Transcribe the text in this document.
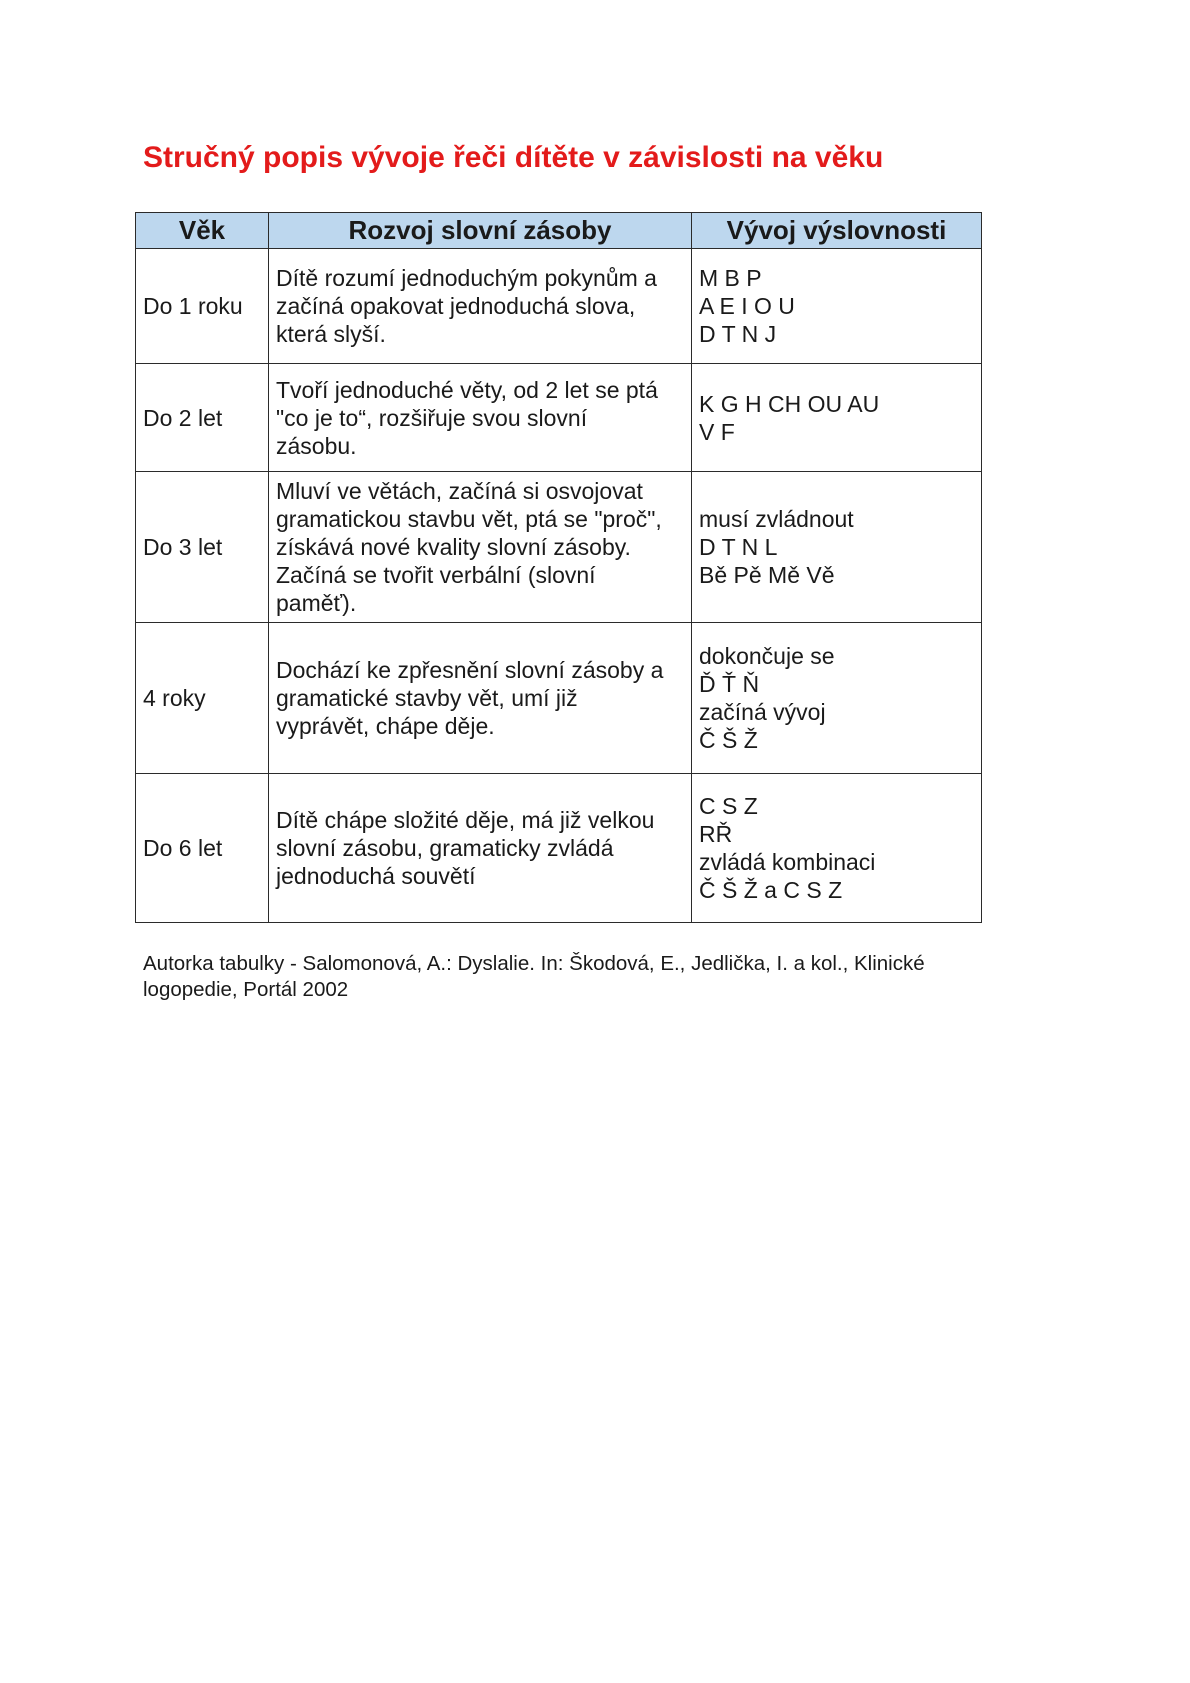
Stručný popis vývoje řeči dítěte v závislosti na věku
Věk	Rozvoj slovní zásoby	Vývoj výslovnosti
Do 1 roku	Dítě rozumí jednoduchým pokynům a
začíná opakovat jednoduchá slova,
která slyší.	M B P
A E I O U
D T N J

Do 2 let	Tvoří jednoduché věty, od 2 let se ptá
"co je to“, rozšiřuje svou slovní
zásobu.	K G H CH OU AU
V F

Do 3 let	Mluví ve větách, začíná si osvojovat
gramatickou stavbu vět, ptá se "proč",
získává nové kvality slovní zásoby.
Začíná se tvořit verbální (slovní
paměť).	musí zvládnout
D T N L
Bě Pě Mě Vě

4 roky	Dochází ke zpřesnění slovní zásoby a
gramatické stavby vět, umí již
vyprávět, chápe děje.	dokončuje se
Ď Ť Ň
začíná vývoj
Č Š Ž

Do 6 let	Dítě chápe složité děje, má již velkou
slovní zásobu, gramaticky zvládá
jednoduchá souvětí	C S Z
RŘ
zvládá kombinaci
Č Š Ž a C S Z

Autorka tabulky - Salomonová, A.: Dyslalie. In: Škodová, E., Jedlička, I. a kol., Klinické
logopedie, Portál 2002
